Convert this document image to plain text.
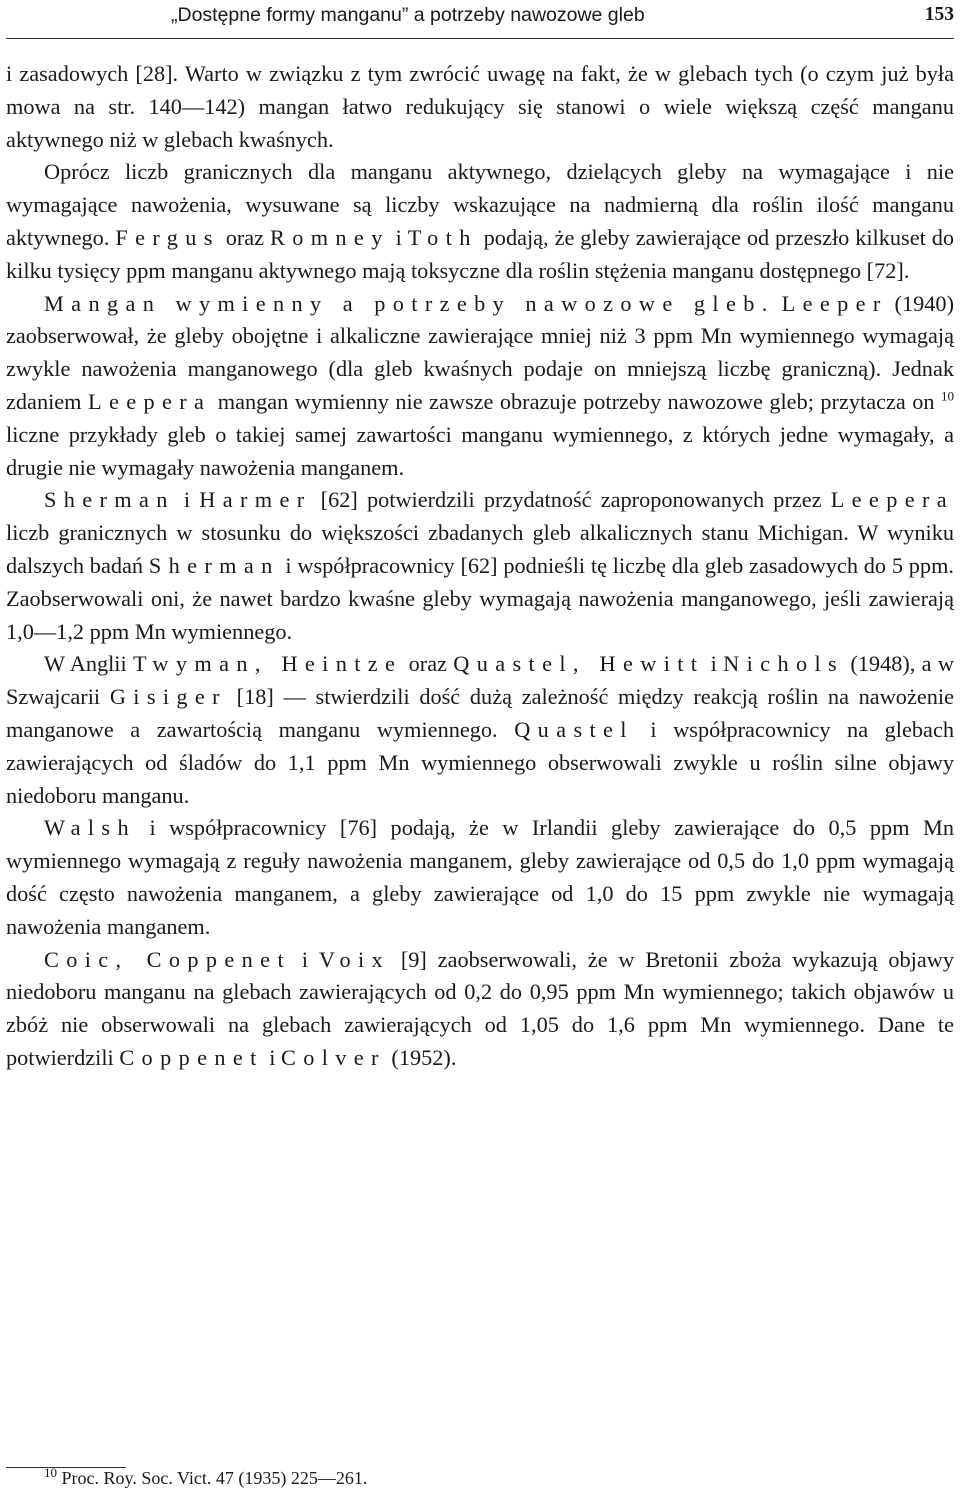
„Dostępne formy manganu” a potrzeby nawozowe gleb	153

i zasadowych [28]. Warto w związku z tym zwrócić uwagę na fakt, że w glebach tych (o czym już była mowa na str. 140—142) mangan łatwo redukujący się stanowi o wiele większą część manganu aktywnego niż w glebach kwaśnych.

Oprócz liczb granicznych dla manganu aktywnego, dzielących gleby na wymagające i nie wymagające nawożenia, wysuwane są liczby wskazujące na nadmierną dla roślin ilość manganu aktywnego. Fergus oraz Romney i Toth podają, że gleby zawierające od przeszło kilkuset do kilku tysięcy ppm manganu aktywnego mają toksyczne dla roślin stężenia manganu dostępnego [72].

Mangan wymienny a potrzeby nawozowe gleb. Leeper (1940) zaobserwował, że gleby obojętne i alkaliczne zawierające mniej niż 3 ppm Mn wymiennego wymagają zwykle nawożenia manganowego (dla gleb kwaśnych podaje on mniejszą liczbę graniczną). Jednak zdaniem Leepera mangan wymienny nie zawsze obrazuje potrzeby nawozowe gleb; przytacza on $^{10}$ liczne przykłady gleb o takiej samej zawartości manganu wymiennego, z których jedne wymagały, a drugie nie wymagały nawożenia manganem.

Sherman i Harmer [62] potwierdzili przydatność zaproponowanych przez Leepera liczb granicznych w stosunku do większości zbadanych gleb alkalicznych stanu Michigan. W wyniku dalszych badań Sherman i współpracownicy [62] podnieśli tę liczbę dla gleb zasadowych do 5 ppm. Zaobserwowali oni, że nawet bardzo kwaśne gleby wymagają nawożenia manganowego, jeśli zawierają 1,0—1,2 ppm Mn wymiennego.

W Anglii Twyman, Heintze oraz Quastel, Hewitt i Nichols (1948), a w Szwajcarii Gisiger [18] — stwierdzili dość dużą zależność między reakcją roślin na nawożenie manganowe a zawartością manganu wymiennego. Quastel i współpracownicy na glebach zawierających od śladów do 1,1 ppm Mn wymiennego obserwowali zwykle u roślin silne objawy niedoboru manganu.

Walsh i współpracownicy [76] podają, że w Irlandii gleby zawierające do 0,5 ppm Mn wymiennego wymagają z reguły nawożenia manganem, gleby zawierające od 0,5 do 1,0 ppm wymagają dość często nawożenia manganem, a gleby zawierające od 1,0 do 15 ppm zwykle nie wymagają nawożenia manganem.

Coic, Coppenet i Voix [9] zaobserwowali, że w Bretonii zboża wykazują objawy niedoboru manganu na glebach zawierających od 0,2 do 0,95 ppm Mn wymiennego; takich objawów u zbóż nie obserwowali na glebach zawierających od 1,05 do 1,6 ppm Mn wymiennego. Dane te potwierdzili Coppenet i Colver (1952).

$^{10}$ Proc. Roy. Soc. Vict. 47 (1935) 225—261.
